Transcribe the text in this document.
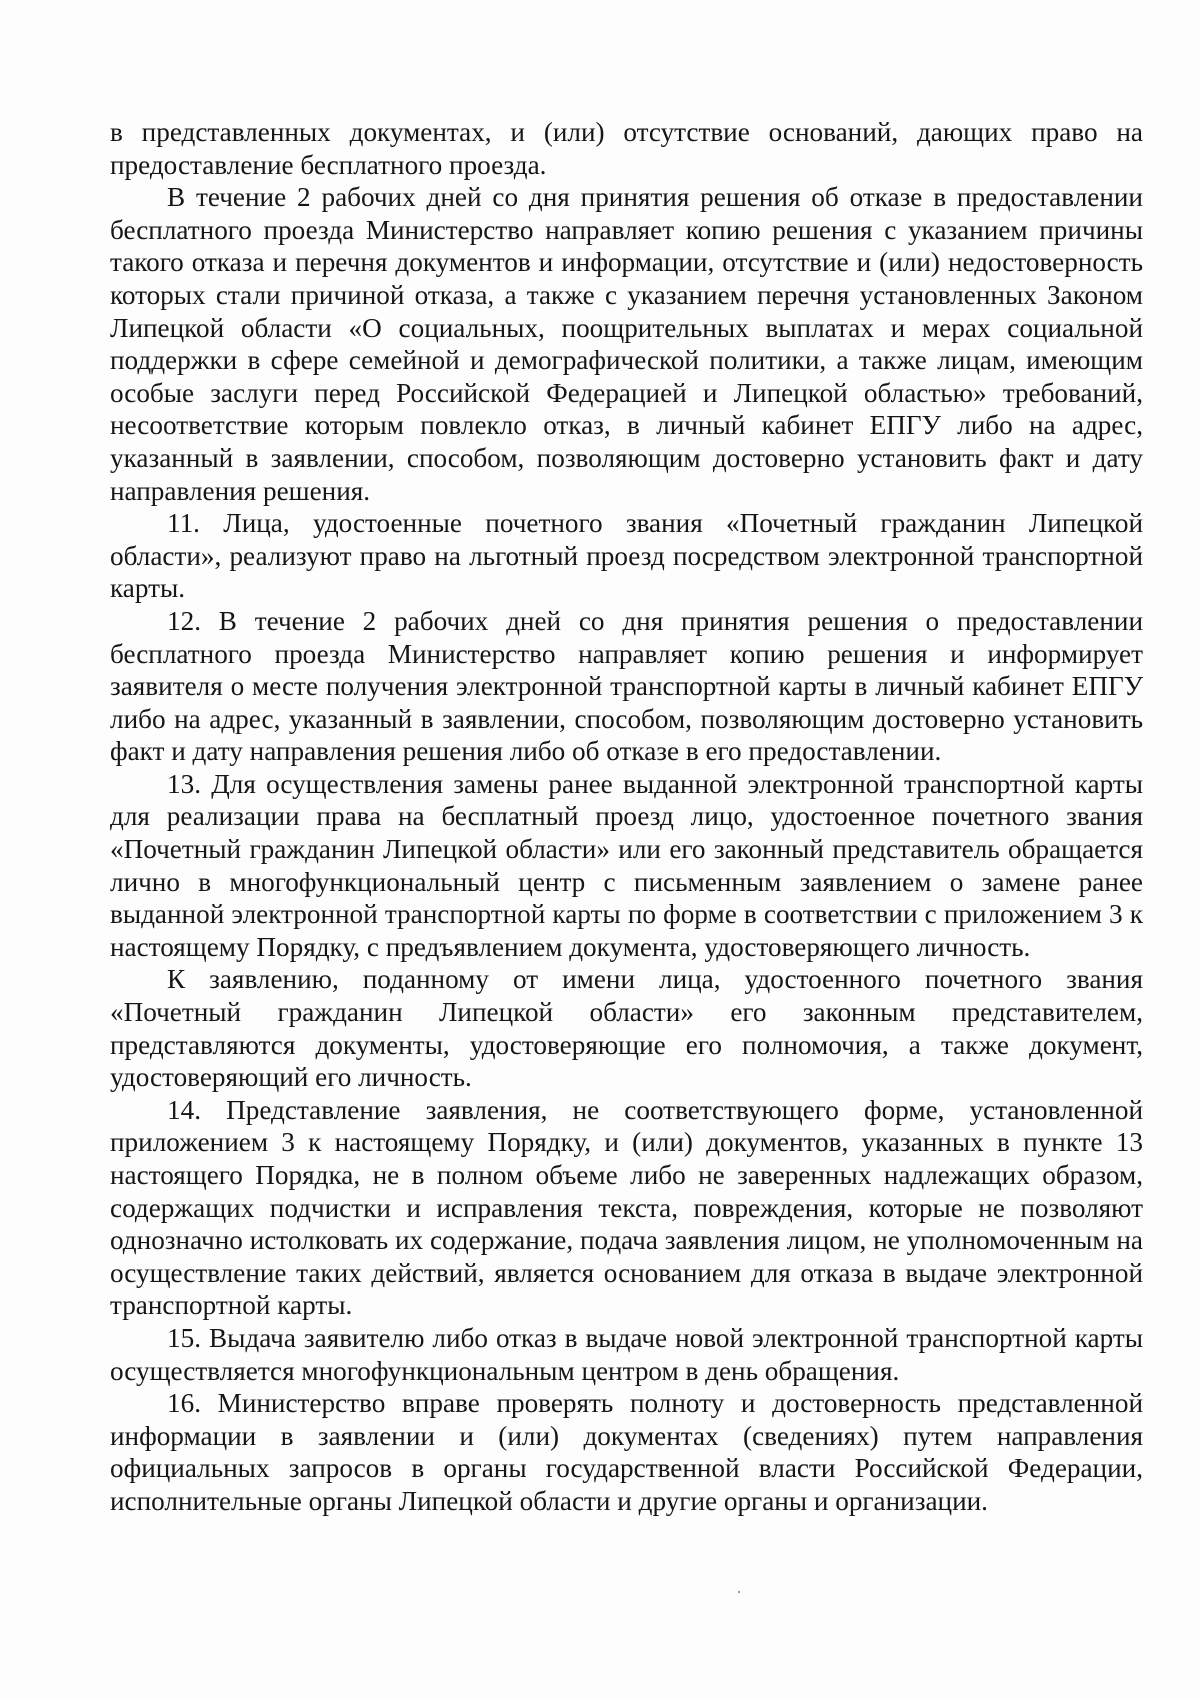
в представленных документах, и (или) отсутствие оснований, дающих право на предоставление бесплатного проезда.

В течение 2 рабочих дней со дня принятия решения об отказе в предоставлении бесплатного проезда Министерство направляет копию решения с указанием причины такого отказа и перечня документов и информации, отсутствие и (или) недостоверность которых стали причиной отказа, а также с указанием перечня установленных Законом Липецкой области «О социальных, поощрительных выплатах и мерах социальной поддержки в сфере семейной и демографической политики, а также лицам, имеющим особые заслуги перед Российской Федерацией и Липецкой областью» требований, несоответствие которым повлекло отказ, в личный кабинет ЕПГУ либо на адрес, указанный в заявлении, способом, позволяющим достоверно установить факт и дату направления решения.

11. Лица, удостоенные почетного звания «Почетный гражданин Липецкой области», реализуют право на льготный проезд посредством электронной транспортной карты.

12. В течение 2 рабочих дней со дня принятия решения о предоставлении бесплатного проезда Министерство направляет копию решения и информирует заявителя о месте получения электронной транспортной карты в личный кабинет ЕПГУ либо на адрес, указанный в заявлении, способом, позволяющим достоверно установить факт и дату направления решения либо об отказе в его предоставлении.

13. Для осуществления замены ранее выданной электронной транспортной карты для реализации права на бесплатный проезд лицо, удостоенное почетного звания «Почетный гражданин Липецкой области» или его законный представитель обращается лично в многофункциональный центр с письменным заявлением о замене ранее выданной электронной транспортной карты по форме в соответствии с приложением 3 к настоящему Порядку, с предъявлением документа, удостоверяющего личность.

К заявлению, поданному от имени лица, удостоенного почетного звания «Почетный гражданин Липецкой области» его законным представителем, представляются документы, удостоверяющие его полномочия, а также документ, удостоверяющий его личность.

14. Представление заявления, не соответствующего форме, установленной приложением 3 к настоящему Порядку, и (или) документов, указанных в пункте 13 настоящего Порядка, не в полном объеме либо не заверенных надлежащих образом, содержащих подчистки и исправления текста, повреждения, которые не позволяют однозначно истолковать их содержание, подача заявления лицом, не уполномоченным на осуществление таких действий, является основанием для отказа в выдаче электронной транспортной карты.

15. Выдача заявителю либо отказ в выдаче новой электронной транспортной карты осуществляется многофункциональным центром в день обращения.

16. Министерство вправе проверять полноту и достоверность представленной информации в заявлении и (или) документах (сведениях) путем направления официальных запросов в органы государственной власти Российской Федерации, исполнительные органы Липецкой области и другие органы и организации.
